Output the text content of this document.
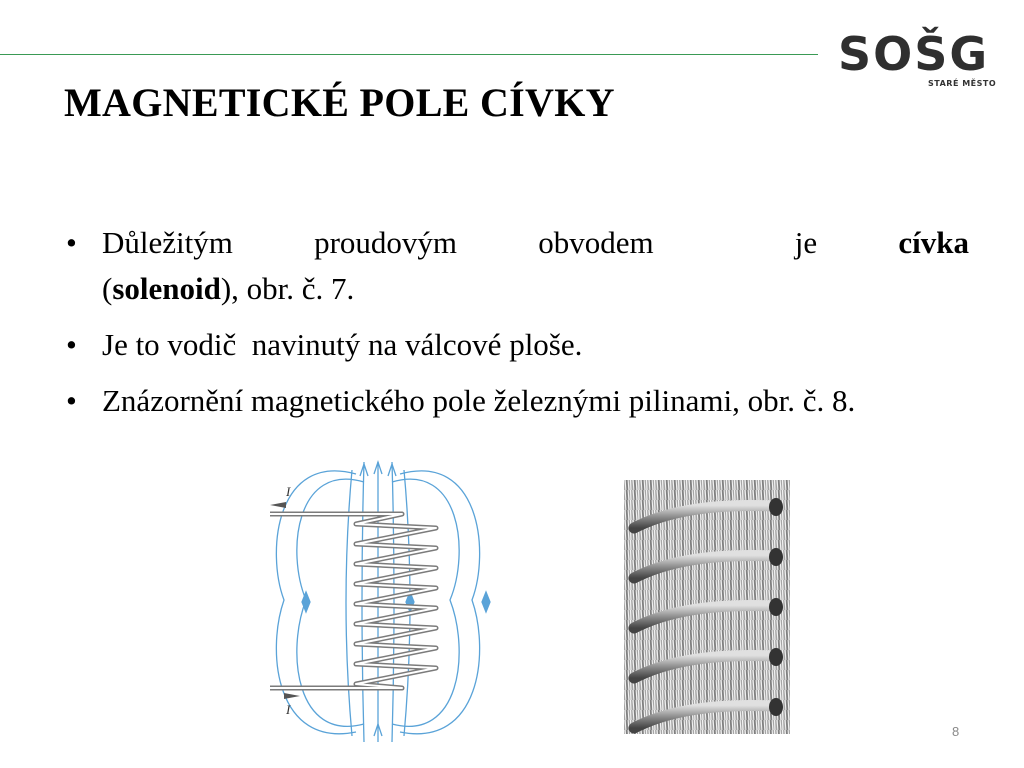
SOŠG
STARÉ MĚSTO
MAGNETICKÉ POLE CÍVKY
• Důležitým	proudovým	obvodem	je	cívka
(solenoid), obr. č. 7.
• Je to vodič  navinutý na válcové ploše.
• Znázornění magnetického pole železnými pilinami, obr. č. 8.
I
I
8
